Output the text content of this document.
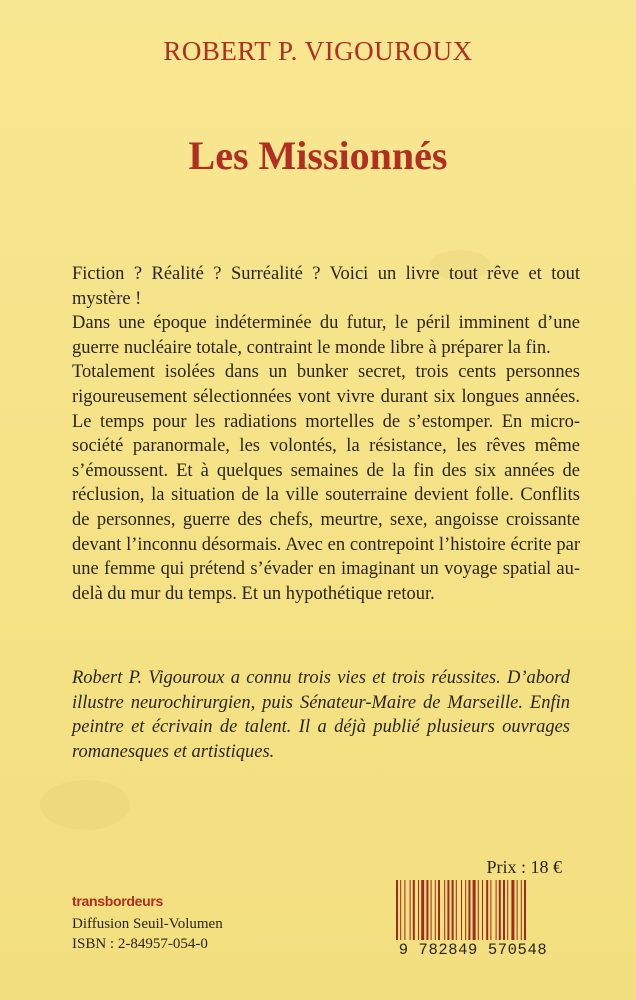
ROBERT P. VIGOUROUX
Les Missionnés

Fiction ? Réalité ? Surréalité ? Voici un livre tout rêve et tout mystère !

Dans une époque indéterminée du futur, le péril imminent d’une guerre nucléaire totale, contraint le monde libre à préparer la fin.

Totalement isolées dans un bunker secret, trois cents personnes rigoureusement sélectionnées vont vivre durant six longues années. Le temps pour les radiations mortelles de s’estomper. En micro-société paranormale, les volontés, la résistance, les rêves même s’émoussent. Et à quelques semaines de la fin des six années de réclusion, la situation de la ville souterraine devient folle. Conflits de personnes, guerre des chefs, meurtre, sexe, angoisse croissante devant l’inconnu désormais. Avec en contrepoint l’histoire écrite par une femme qui prétend s’évader en imaginant un voyage spatial au-delà du mur du temps. Et un hypothétique retour.

Robert P. Vigouroux a connu trois vies et trois réussites. D’abord illustre neurochirurgien, puis Sénateur-Maire de Marseille. Enfin peintre et écrivain de talent. Il a déjà publié plusieurs ouvrages romanesques et artistiques.
transbordeurs
Diffusion Seuil-Volumen
ISBN : 2-84957-054-0
Prix : 18 €
9 782849 570548
